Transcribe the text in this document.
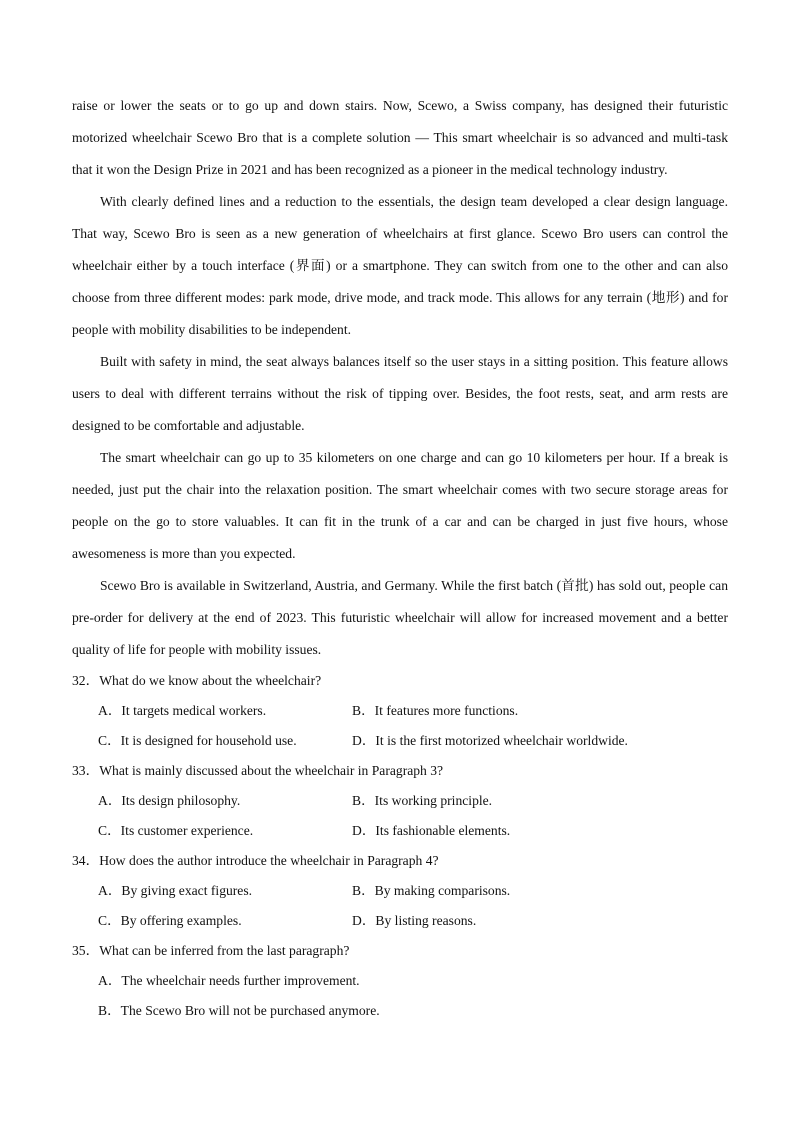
raise or lower the seats or to go up and down stairs. Now, Scewo, a Swiss company, has designed their futuristic motorized wheelchair Scewo Bro that is a complete solution — This smart wheelchair is so advanced and multi-task that it won the Design Prize in 2021 and has been recognized as a pioneer in the medical technology industry.

With clearly defined lines and a reduction to the essentials, the design team developed a clear design language. That way, Scewo Bro is seen as a new generation of wheelchairs at first glance. Scewo Bro users can control the wheelchair either by a touch interface (界面) or a smartphone. They can switch from one to the other and can also choose from three different modes: park mode, drive mode, and track mode. This allows for any terrain (地形) and for people with mobility disabilities to be independent.

Built with safety in mind, the seat always balances itself so the user stays in a sitting position. This feature allows users to deal with different terrains without the risk of tipping over. Besides, the foot rests, seat, and arm rests are designed to be comfortable and adjustable.

The smart wheelchair can go up to 35 kilometers on one charge and can go 10 kilometers per hour. If a break is needed, just put the chair into the relaxation position. The smart wheelchair comes with two secure storage areas for people on the go to store valuables. It can fit in the trunk of a car and can be charged in just five hours, whose awesomeness is more than you expected.

Scewo Bro is available in Switzerland, Austria, and Germany. While the first batch (首批) has sold out, people can pre-order for delivery at the end of 2023. This futuristic wheelchair will allow for increased movement and a better quality of life for people with mobility issues.

32．What do we know about the wheelchair?

A．It targets medical workers.	B．It features more functions.
C．It is designed for household use.	D．It is the first motorized wheelchair worldwide.

33．What is mainly discussed about the wheelchair in Paragraph 3?

A．Its design philosophy.	B．Its working principle.
C．Its customer experience.	D．Its fashionable elements.

34．How does the author introduce the wheelchair in Paragraph 4?

A．By giving exact figures.	B．By making comparisons.
C．By offering examples.	D．By listing reasons.

35．What can be inferred from the last paragraph?

A．The wheelchair needs further improvement.
B．The Scewo Bro will not be purchased anymore.
